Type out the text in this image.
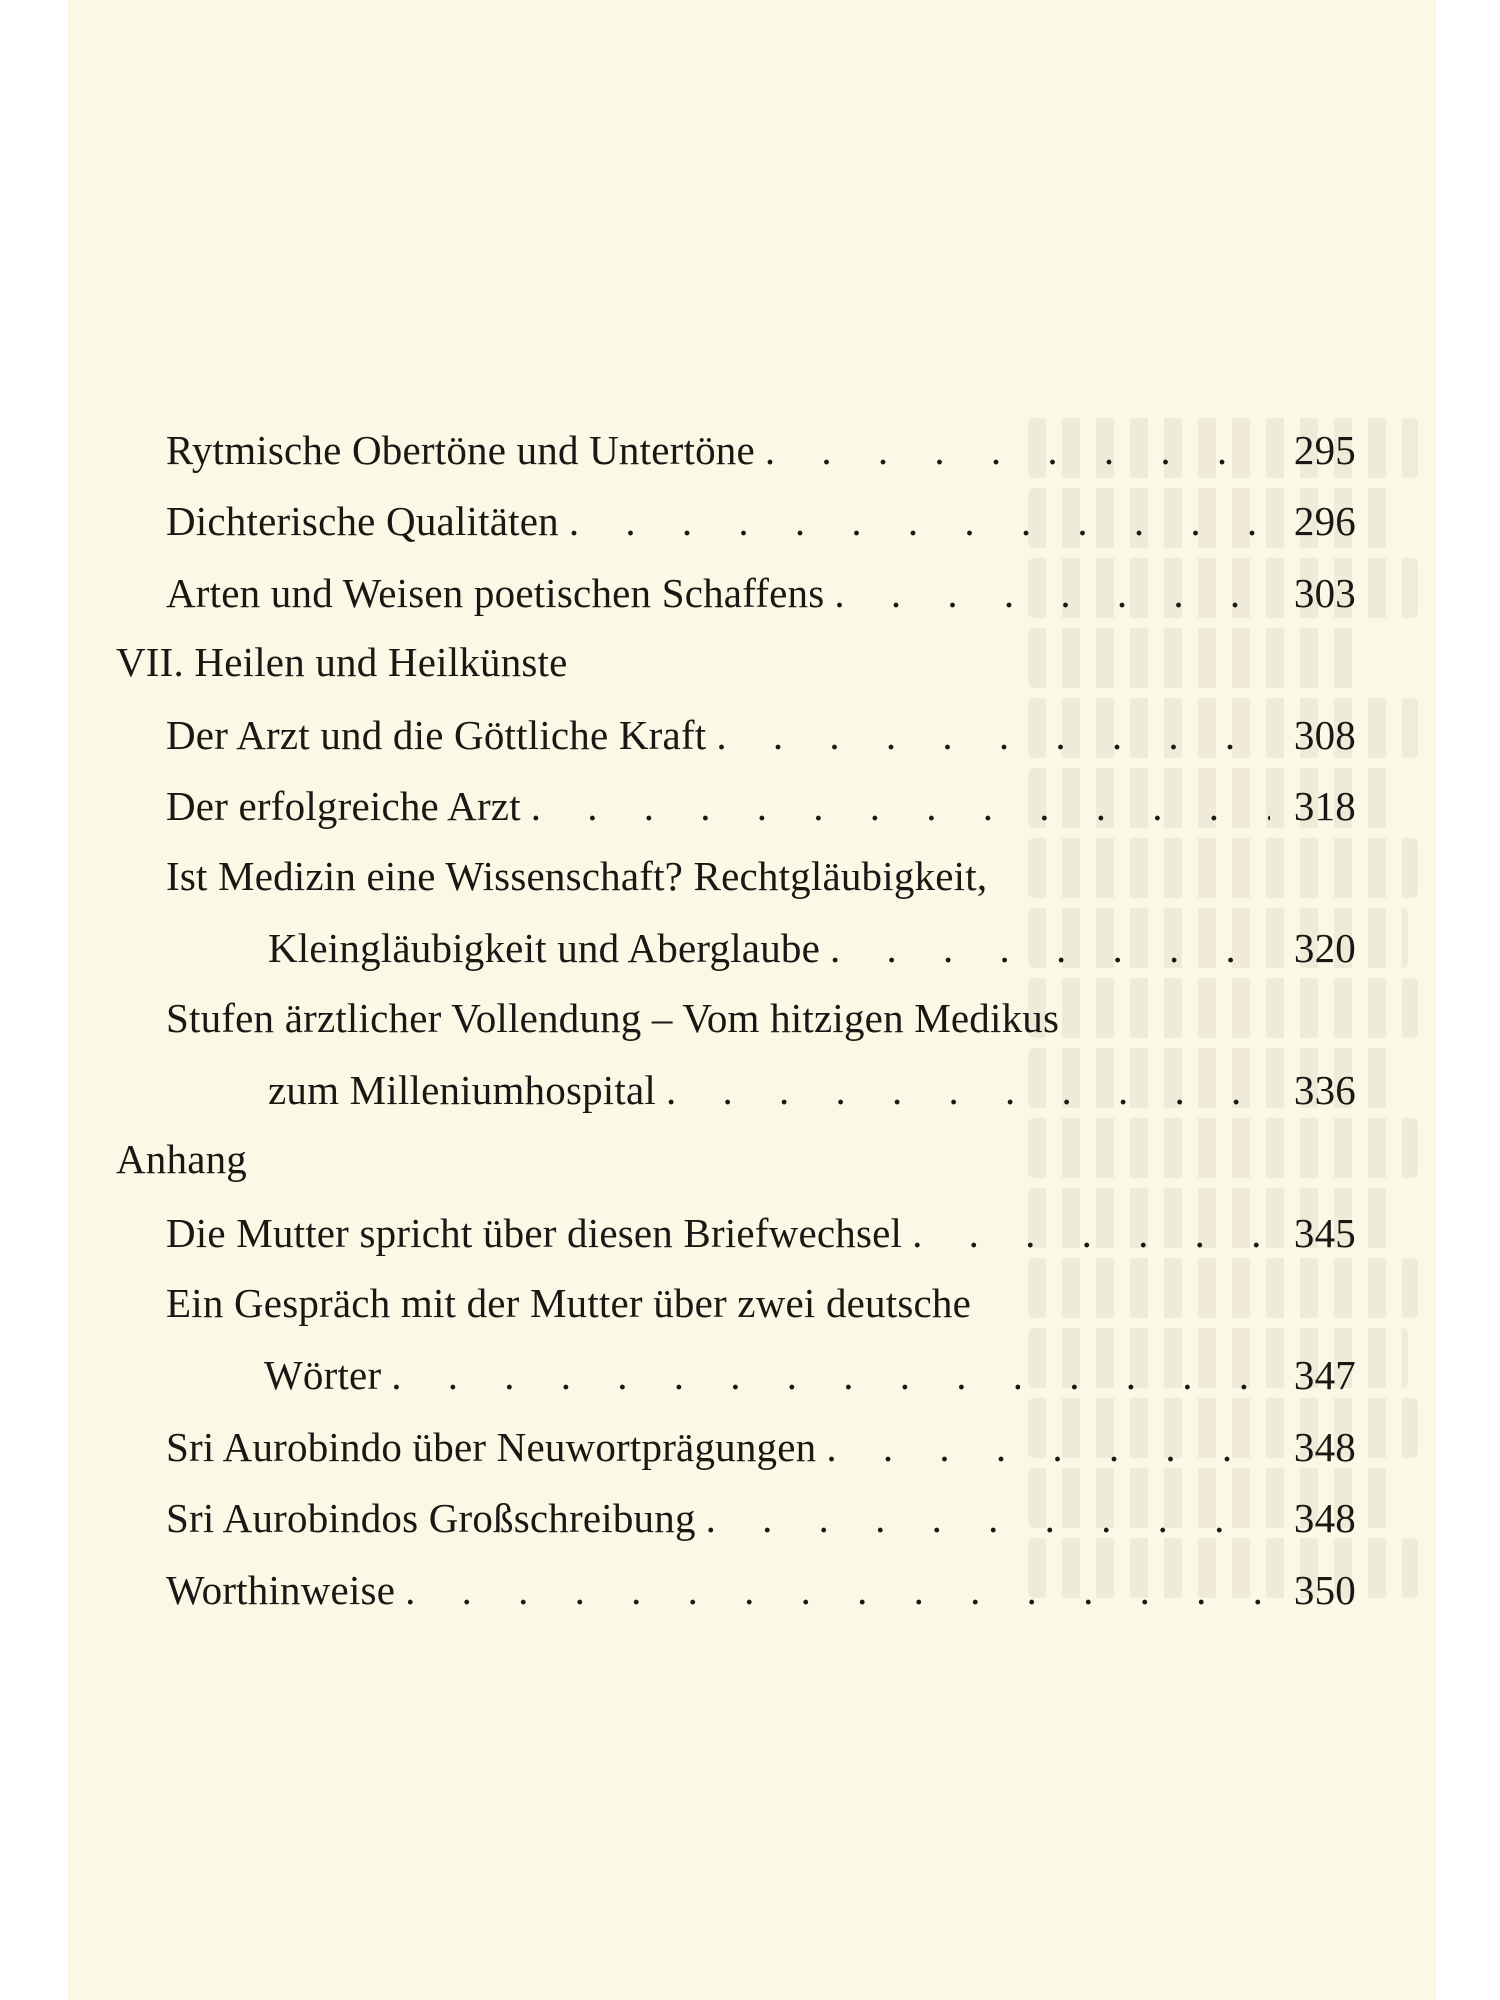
Rytmische Obertöne und Untertöne . . .	295
Dichterische Qualitäten . . .	296
Arten und Weisen poetischen Schaffens . . .	303
VII. Heilen und Heilkünste
Der Arzt und die Göttliche Kraft . . .	308
Der erfolgreiche Arzt . . .	318
Ist Medizin eine Wissenschaft? Rechtgläubigkeit,
Kleingläubigkeit und Aberglaube . . .	320
Stufen ärztlicher Vollendung – Vom hitzigen Medikus
zum Milleniumhospital . . .	336
Anhang
Die Mutter spricht über diesen Briefwechsel . . .	345
Ein Gespräch mit der Mutter über zwei deutsche
Wörter . . .	347
Sri Aurobindo über Neuwortprägungen . . .	348
Sri Aurobindos Großschreibung . . .	348
Worthinweise . . .	350
